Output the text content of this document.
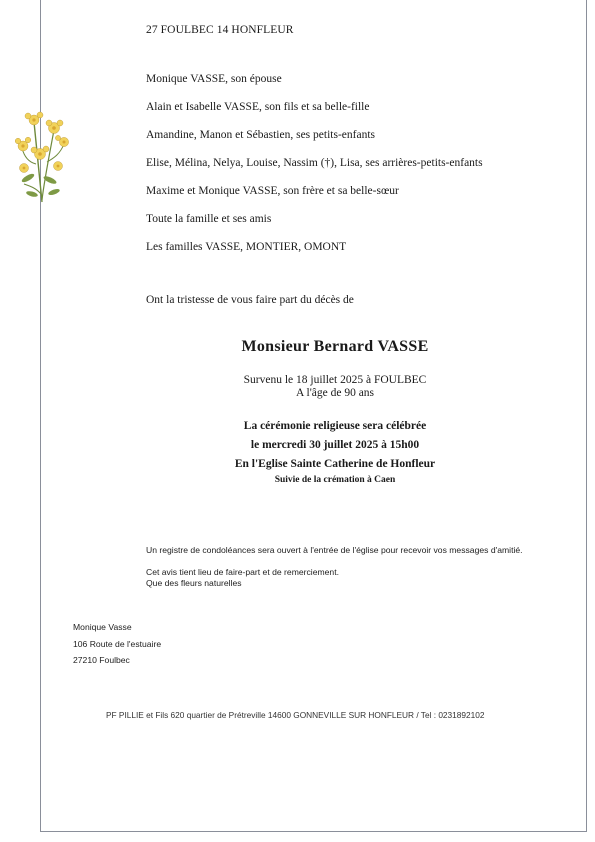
27 FOULBEC 14 HONFLEUR
Monique VASSE, son épouse
Alain et Isabelle VASSE, son fils et sa belle-fille
Amandine, Manon et Sébastien, ses petits-enfants
Elise, Mélina, Nelya, Louise, Nassim (†), Lisa, ses arrières-petits-enfants
Maxime et Monique VASSE, son frère et sa belle-sœur
Toute la famille et ses amis
Les familles VASSE, MONTIER, OMONT
Ont la tristesse de vous faire part du décès de
Monsieur Bernard VASSE
Survenu le 18 juillet 2025 à FOULBEC
A l'âge de 90 ans
La cérémonie religieuse sera célébrée
le mercredi 30 juillet 2025 à 15h00
En l'Eglise Sainte Catherine de Honfleur
Suivie de la crémation à Caen
Un registre de condoléances sera ouvert à l'entrée de l'église pour recevoir vos messages d'amitié.
Cet avis tient lieu de faire-part et de remerciement.
Que des fleurs naturelles
Monique Vasse
106 Route de l'estuaire
27210 Foulbec
PF PILLIE et Fils 620 quartier de Prétreville 14600 GONNEVILLE SUR HONFLEUR / Tel : 0231892102
